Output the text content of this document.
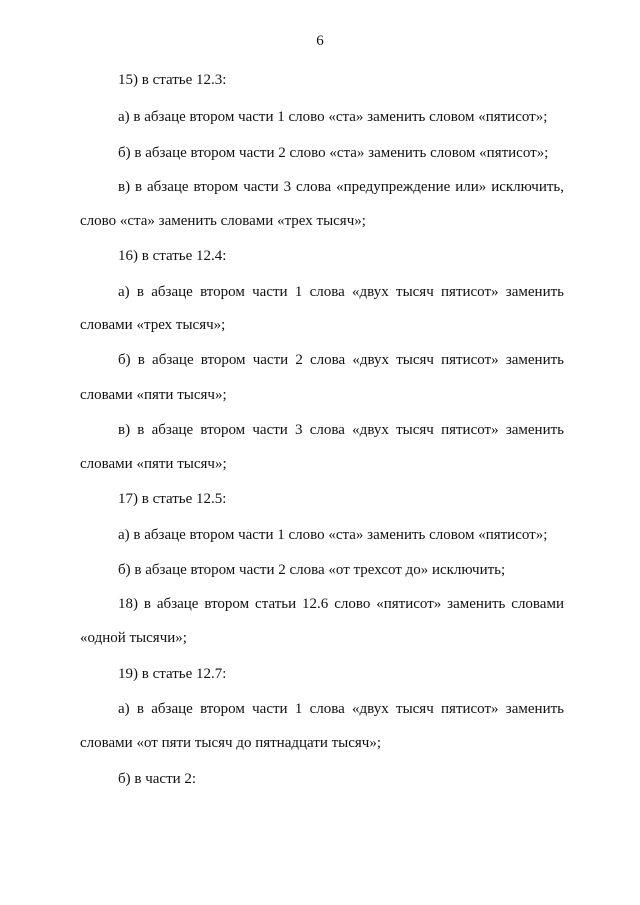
6
15) в статье 12.3:
а) в абзаце втором части 1 слово «ста» заменить словом «пятисот»;
б) в абзаце втором части 2 слово «ста» заменить словом «пятисот»;
в) в абзаце втором части 3 слова «предупреждение или» исключить,
слово «ста» заменить словами «трех тысяч»;
16) в статье 12.4:
а) в абзаце втором части 1 слова «двух тысяч пятисот» заменить
словами «трех тысяч»;
б) в абзаце втором части 2 слова «двух тысяч пятисот» заменить
словами «пяти тысяч»;
в) в абзаце втором части 3 слова «двух тысяч пятисот» заменить
словами «пяти тысяч»;
17) в статье 12.5:
а) в абзаце втором части 1 слово «ста» заменить словом «пятисот»;
б) в абзаце втором части 2 слова «от трехсот до» исключить;
18) в абзаце втором статьи 12.6 слово «пятисот» заменить словами
«одной тысячи»;
19) в статье 12.7:
а) в абзаце втором части 1 слова «двух тысяч пятисот» заменить
словами «от пяти тысяч до пятнадцати тысяч»;
б) в части 2:
